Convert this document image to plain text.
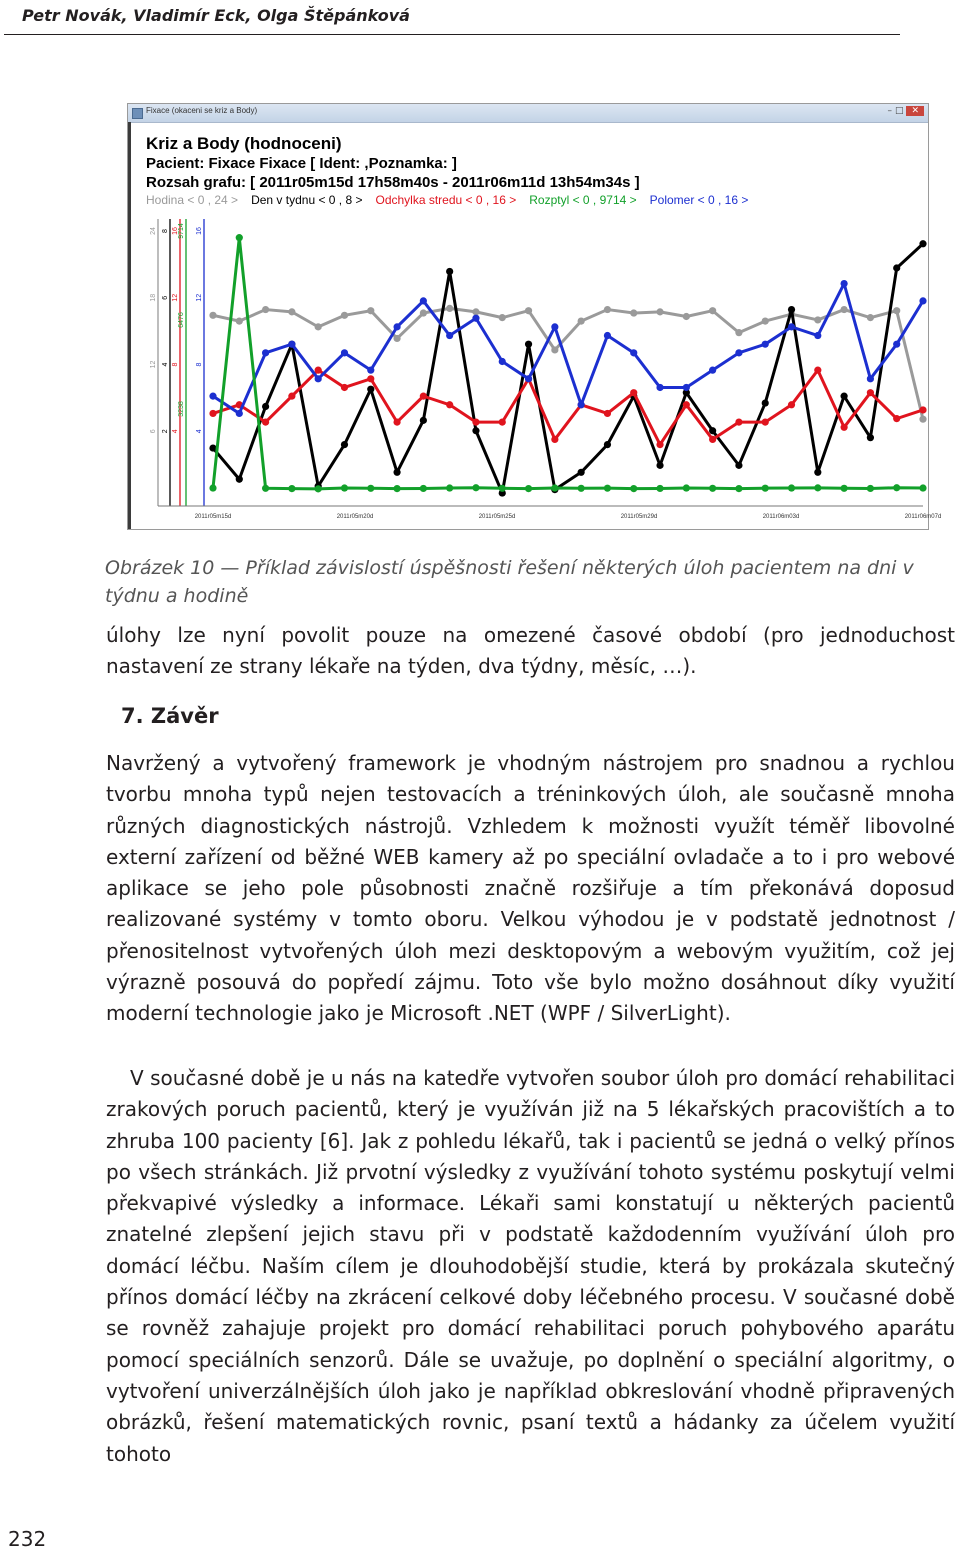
Petr Novák, Vladimír Eck, Olga Štěpánková
Fixace (okaceni se kriz a Body)	–□ ✕
24
18
12
6
8
6
4
2
16
12
8
4
9714
6476
3238
16
12
8
4
2011r05m15d	2011r05m20d	2011r05m25d	2011r05m29d	2011r06m03d	2011r06m07d
Kriz a Body (hodnoceni)
Pacient: Fixace Fixace [ Ident: ,Poznamka: ]
Rozsah grafu: [ 2011r05m15d 17h58m40s - 2011r06m11d 13h54m34s ]
Hodina < 0 , 24 > Den v tydnu < 0 , 8 > Odchylka stredu < 0 , 16 > Rozptyl < 0 , 9714 > Polomer < 0 , 16 >
Obrázek 10 — Příklad závislostí úspěšnosti řešení některých úloh pacientem na dni v týdnu a hodině
úlohy lze nyní povolit pouze na omezené časové období (pro jednoduchost nastavení ze strany lékaře na týden, dva týdny, měsíc, …).
7. Závěr
Navržený a vytvořený framework je vhodným nástrojem pro snadnou a rychlou tvorbu mnoha typů nejen testovacích a tréninkových úloh, ale současně mnoha různých diagnostických nástrojů. Vzhledem k možnosti využít téměř libovolné externí zařízení od běžné WEB kamery až po speciální ovladače a to i pro webové aplikace se jeho pole působnosti značně rozšiřuje a tím překonává doposud realizované systémy v tomto oboru. Velkou výhodou je v podstatě jednotnost / přenositelnost vytvořených úloh mezi desktopovým a webovým využitím, což jej výrazně posouvá do popředí zájmu. Toto vše bylo možno dosáhnout díky využití moderní technologie jako je Microsoft .NET (WPF / SilverLight).
V současné době je u nás na katedře vytvořen soubor úloh pro domácí rehabilitaci zrakových poruch pacientů, který je využíván již na 5 lékařských pracovištích a to zhruba 100 pacienty [6]. Jak z pohledu lékařů, tak i pacientů se jedná o velký přínos po všech stránkách. Již prvotní výsledky z využívání tohoto systému poskytují velmi překvapivé výsledky a informace. Lékaři sami konstatují u některých pacientů znatelné zlepšení jejich stavu při v podstatě každodenním využívání úloh pro domácí léčbu. Naším cílem je dlouhodobější studie, která by prokázala skutečný přínos domácí léčby na zkrácení celkové doby léčebného procesu. V současné době se rovněž zahajuje projekt pro domácí rehabilitaci poruch pohybového aparátu pomocí speciálních senzorů. Dále se uvažuje, po doplnění o speciální algoritmy, o vytvoření univerzálnějších úloh jako je například obkreslování vhodně připravených obrázků, řešení matematických rovnic, psaní textů a hádanky za účelem využití tohoto
232
